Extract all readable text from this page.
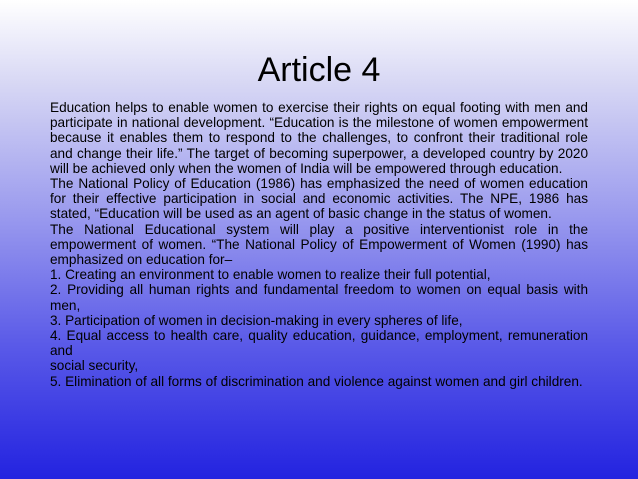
Article 4

Education helps to enable women to exercise their rights on equal footing with men and participate in national development. “Education is the milestone of women empowerment because it enables them to respond to the challenges, to confront their traditional role and change their life.” The target of becoming superpower, a developed country by 2020 will be achieved only when the women of India will be empowered through education.

The National Policy of Education (1986) has emphasized the need of women education for their effective participation in social and economic activities. The NPE, 1986 has stated, “Education will be used as an agent of basic change in the status of women.

The National Educational system will play a positive interventionist role in the empowerment of women. “The National Policy of Empowerment of Women (1990) has emphasized on education for–

1. Creating an environment to enable women to realize their full potential,

2. Providing all human rights and fundamental freedom to women on equal basis with men,

3. Participation of women in decision-making in every spheres of life,

4. Equal access to health care, quality education, guidance, employment, remuneration and

social security,

5. Elimination of all forms of discrimination and violence against women and girl children.
